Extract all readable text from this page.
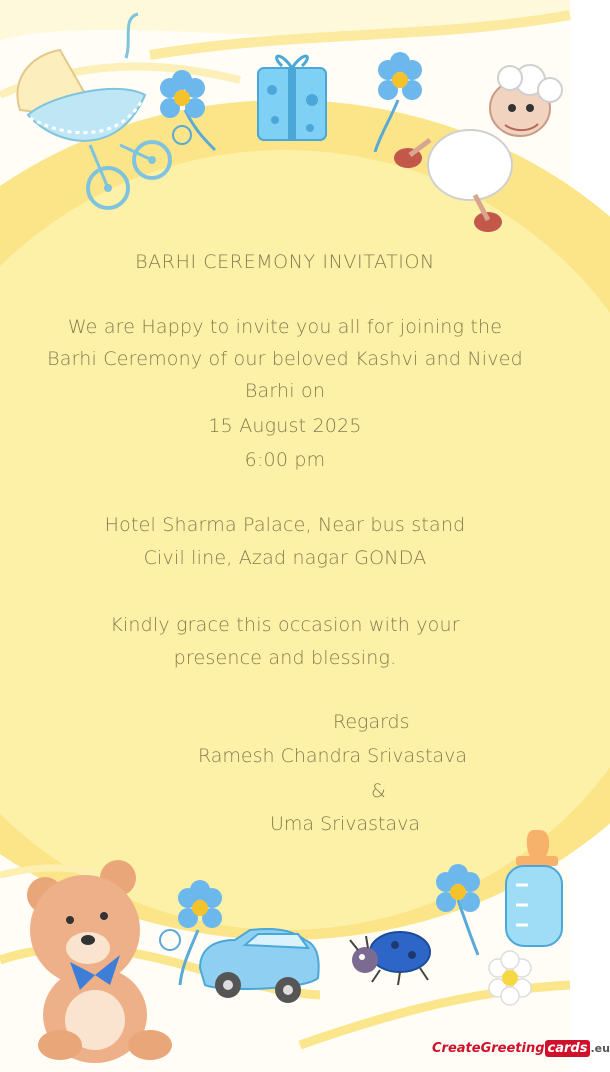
BARHI CEREMONY INVITATION
We are Happy to invite you all for joining the
Barhi Ceremony of our beloved Kashvi and Nived
Barhi on
15 August 2025
6:00 pm
Hotel Sharma Palace, Near bus stand
Civil line, Azad nagar GONDA
Kindly grace this occasion with your
presence and blessing.
Regards
Ramesh Chandra Srivastava
&
Uma Srivastava
CreateGreeting cards .eu
